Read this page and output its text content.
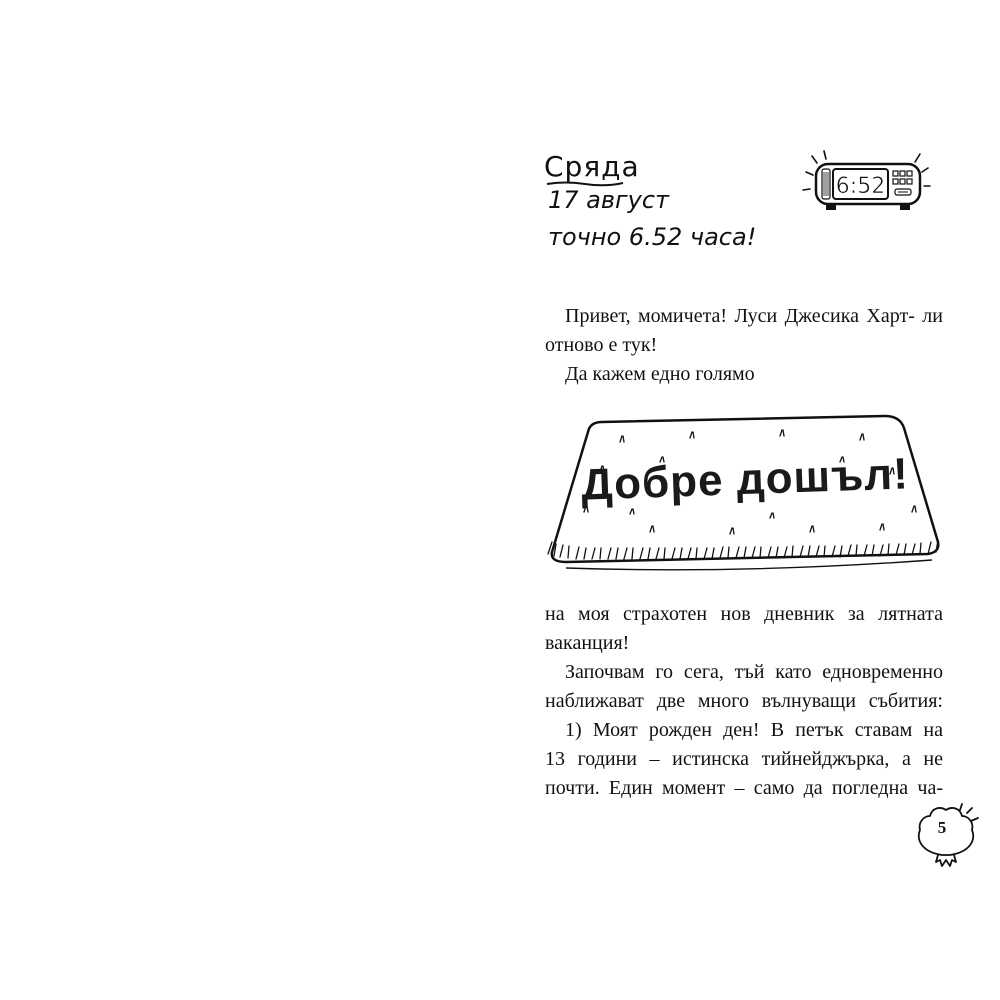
Сряда

17 август

точно 6.52 часа!

6:52

Привет, момичета! Луси Джесика Харт- ли отново е тук!

Да кажем едно голямо

Добре дошъл!

на моя страхотен нов дневник за лятната
ваканция!
Започвам го сега, тъй като едновременно
наближават две много вълнуващи събития:
1) Моят рожден ден! В петък ставам на
13 години – истинска тийнейджърка, а не
почти. Един момент – само да погледна ча-

5
